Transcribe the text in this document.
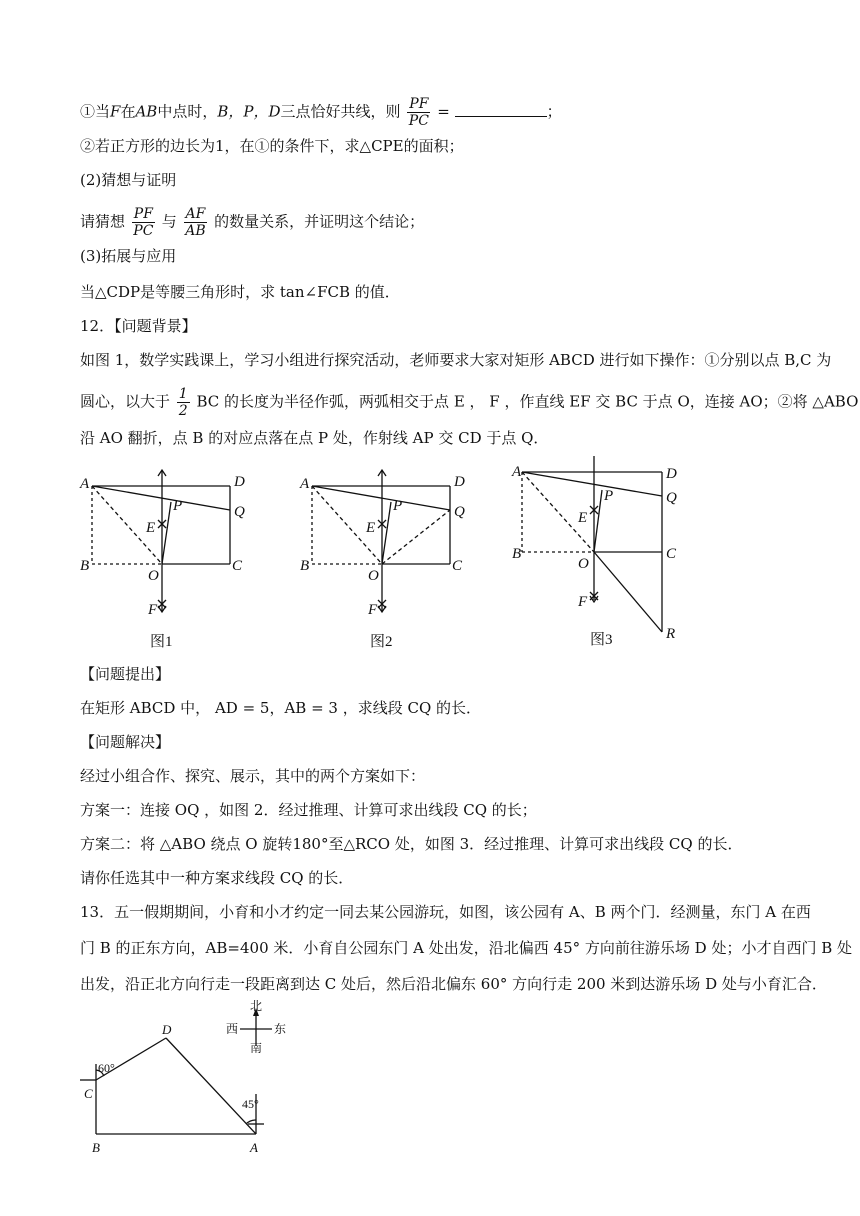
①当F在AB中点时，B，P，D三点恰好共线，则 $\frac{PF}{PC}$ =	；
②若正方形的边长为1，在①的条件下，求△CPE的面积；
(2)猜想与证明
请猜想 $\frac{PF}{PC}$ 与 $\frac{AF}{AB}$ 的数量关系，并证明这个结论；
(3)拓展与应用
当△CDP是等腰三角形时，求 tan∠FCB 的值．
12．【问题背景】
如图 1，数学实践课上，学习小组进行探究活动，老师要求大家对矩形 ABCD 进行如下操作：①分别以点 B,C 为
圆心，以大于 $\frac{1}{2}$ BC 的长度为半径作弧，两弧相交于点 E ， F ，作直线 EF 交 BC 于点 O，连接 AO；②将 △ABO
沿 AO 翻折，点 B 的对应点落在点 P 处，作射线 AP 交 CD 于点 Q．
A	D
Q
P
E
B
O
C
F
图1
A	D
Q
P
E
B
O
C
F
图2
A	D
Q
P
E
B
O
C
F
R
图3
【问题提出】
在矩形 ABCD 中， AD = 5，AB = 3 ，求线段 CQ 的长．
【问题解决】
经过小组合作、探究、展示，其中的两个方案如下：
方案一：连接 OQ ，如图 2．经过推理、计算可求出线段 CQ 的长；
方案二：将 △ABO 绕点 O 旋转180°至△RCO 处，如图 3．经过推理、计算可求出线段 CQ 的长．
请你任选其中一种方案求线段 CQ 的长．
13．五一假期期间，小育和小才约定一同去某公园游玩，如图，该公园有 A、B 两个门．经测量，东门 A 在西
门 B 的正东方向，AB=400 米．小育自公园东门 A 处出发，沿北偏西 45° 方向前往游乐场 D 处；小才自西门 B 处
出发，沿正北方向行走一段距离到达 C 处后，然后沿北偏东 60° 方向行走 200 米到达游乐场 D 处与小育汇合．
D
C
B	A
60°
45°
北
南
西	东
